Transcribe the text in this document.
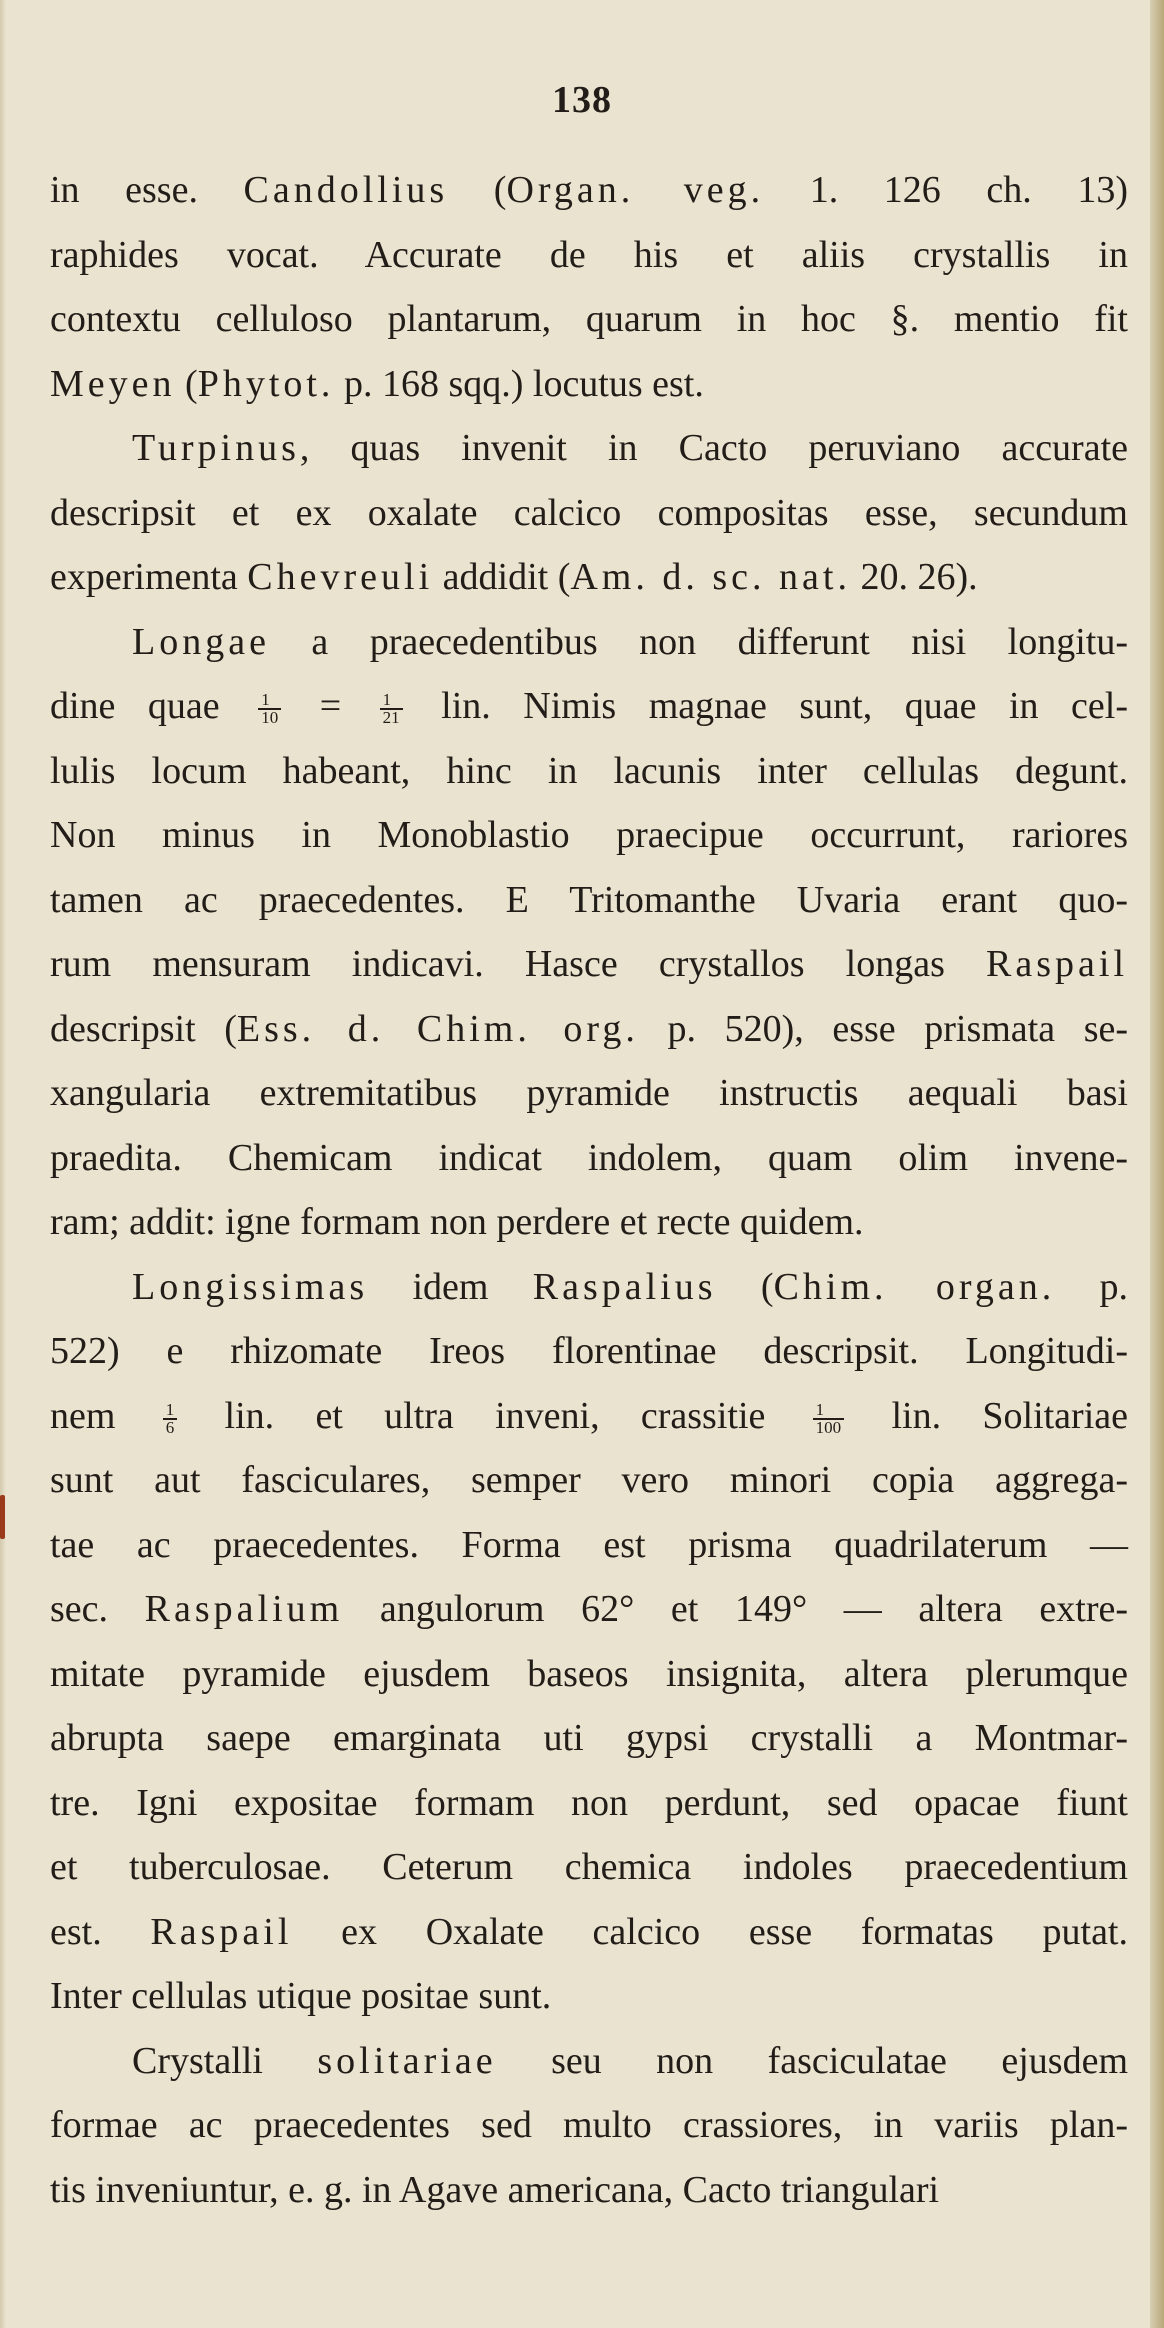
138
in esse. Candollius (Organ. veg. 1. 126 ch. 13)
raphides vocat. Accurate de his et aliis crystallis in
contextu celluloso plantarum, quarum in hoc §. mentio fit
Meyen (Phytot. p. 168 sqq.) locutus est.
Turpinus, quas invenit in Cacto peruviano accurate
descripsit et ex oxalate calcico compositas esse, secundum
experimenta Chevreuli addidit (Am. d. sc. nat. 20. 26).
Longae a praecedentibus non differunt nisi longitu-
dine quae $\frac{1}{10} = \frac{1}{21}$ lin. Nimis magnae sunt, quae in cel-
lulis locum habeant, hinc in lacunis inter cellulas degunt.
Non minus in Monoblastio praecipue occurrunt, rariores
tamen ac praecedentes. E Tritomanthe Uvaria erant quo-
rum mensuram indicavi. Hasce crystallos longas Raspail
descripsit (Ess. d. Chim. org. p. 520), esse prismata se-
xangularia extremitatibus pyramide instructis aequali basi
praedita. Chemicam indicat indolem, quam olim invene-
ram; addit: igne formam non perdere et recte quidem.
Longissimas idem Raspalius (Chim. organ. p.
522) e rhizomate Ireos florentinae descripsit. Longitudi-
nem $\frac{1}{6}$ lin. et ultra inveni, crassitie $\frac{1}{100}$ lin. Solitariae
sunt aut fasciculares, semper vero minori copia aggrega-
tae ac praecedentes. Forma est prisma quadrilaterum —
sec. Raspalium angulorum 62° et 149° — altera extre-
mitate pyramide ejusdem baseos insignita, altera plerumque
abrupta saepe emarginata uti gypsi crystalli a Montmar-
tre. Igni expositae formam non perdunt, sed opacae fiunt
et tuberculosae. Ceterum chemica indoles praecedentium
est. Raspail ex Oxalate calcico esse formatas putat.
Inter cellulas utique positae sunt.
Crystalli solitariae seu non fasciculatae ejusdem
formae ac praecedentes sed multo crassiores, in variis plan-
tis inveniuntur, e. g. in Agave americana, Cacto triangulari
